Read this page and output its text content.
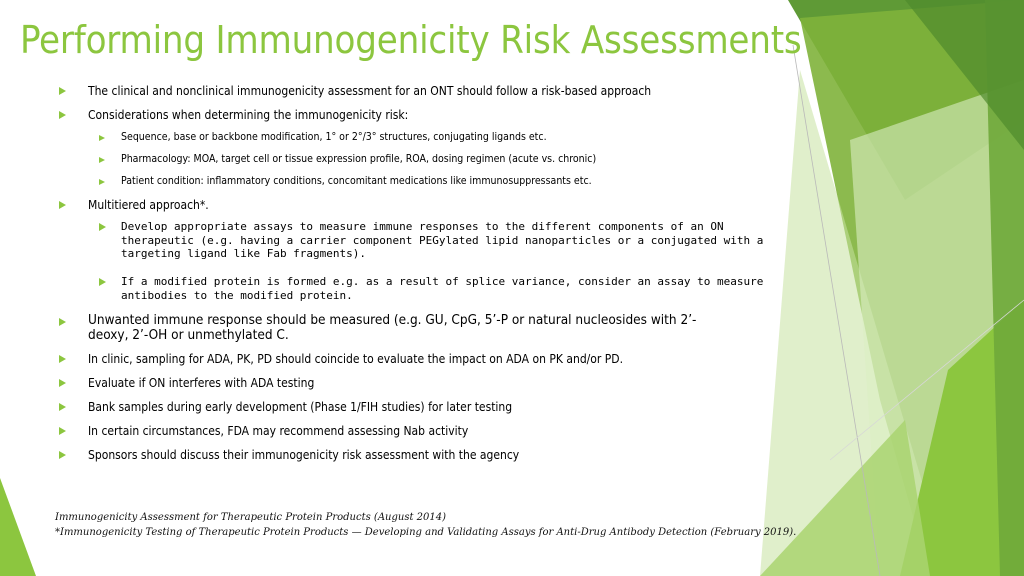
Performing Immunogenicity Risk Assessments
The clinical and nonclinical immunogenicity assessment for an ONT should follow a risk-based approach
Considerations when determining the immunogenicity risk:
Sequence, base or backbone modification, 1° or 2°/3° structures, conjugating ligands etc.
Pharmacology: MOA, target cell or tissue expression profile, ROA, dosing regimen (acute vs. chronic)
Patient condition: inflammatory conditions, concomitant medications like immunosuppressants etc.
Multitiered approach*.
Develop appropriate assays to measure immune responses to the different components of an ON
therapeutic (e.g. having a carrier component PEGylated lipid nanoparticles or a conjugated with a
targeting ligand like Fab fragments).
If a modified protein is formed e.g. as a result of splice variance, consider an assay to measure
antibodies to the modified protein.
Unwanted immune response should be measured (e.g. GU, CpG, 5’-P or natural nucleosides with 2’-
deoxy, 2’-OH or unmethylated C.
In clinic, sampling for ADA, PK, PD should coincide to evaluate the impact on ADA on PK and/or PD.
Evaluate if ON interferes with ADA testing
Bank samples during early development (Phase 1/FIH studies) for later testing
In certain circumstances, FDA may recommend assessing Nab activity
Sponsors should discuss their immunogenicity risk assessment with the agency
Immunogenicity Assessment for Therapeutic Protein Products (August 2014)
*Immunogenicity Testing of Therapeutic Protein Products — Developing and Validating Assays for Anti-Drug Antibody Detection (February 2019).
